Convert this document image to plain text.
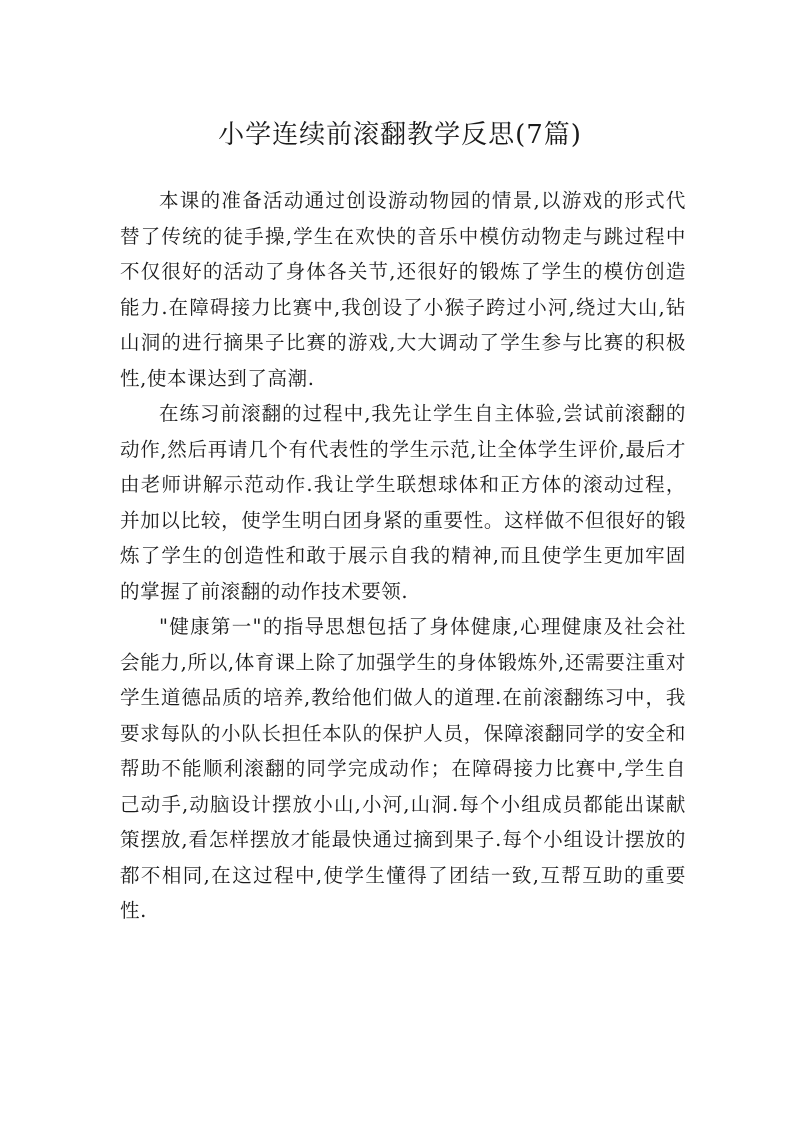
小学连续前滚翻教学反思(7篇)

本课的准备活动通过创设游动物园的情景,以游戏的形式代替了传统的徒手操,学生在欢快的音乐中模仿动物走与跳过程中不仅很好的活动了身体各关节,还很好的锻炼了学生的模仿创造能力.在障碍接力比赛中,我创设了小猴子跨过小河,绕过大山,钻山洞的进行摘果子比赛的游戏,大大调动了学生参与比赛的积极性,使本课达到了高潮.

在练习前滚翻的过程中,我先让学生自主体验,尝试前滚翻的动作,然后再请几个有代表性的学生示范,让全体学生评价,最后才由老师讲解示范动作.我让学生联想球体和正方体的滚动过程，并加以比较，使学生明白团身紧的重要性。这样做不但很好的锻炼了学生的创造性和敢于展示自我的精神,而且使学生更加牢固的掌握了前滚翻的动作技术要领.

"健康第一"的指导思想包括了身体健康,心理健康及社会社会能力,所以,体育课上除了加强学生的身体锻炼外,还需要注重对学生道德品质的培养,教给他们做人的道理.在前滚翻练习中，我要求每队的小队长担任本队的保护人员，保障滚翻同学的安全和帮助不能顺利滚翻的同学完成动作；在障碍接力比赛中,学生自己动手,动脑设计摆放小山,小河,山洞.每个小组成员都能出谋献策摆放,看怎样摆放才能最快通过摘到果子.每个小组设计摆放的都不相同,在这过程中,使学生懂得了团结一致,互帮互助的重要性.
